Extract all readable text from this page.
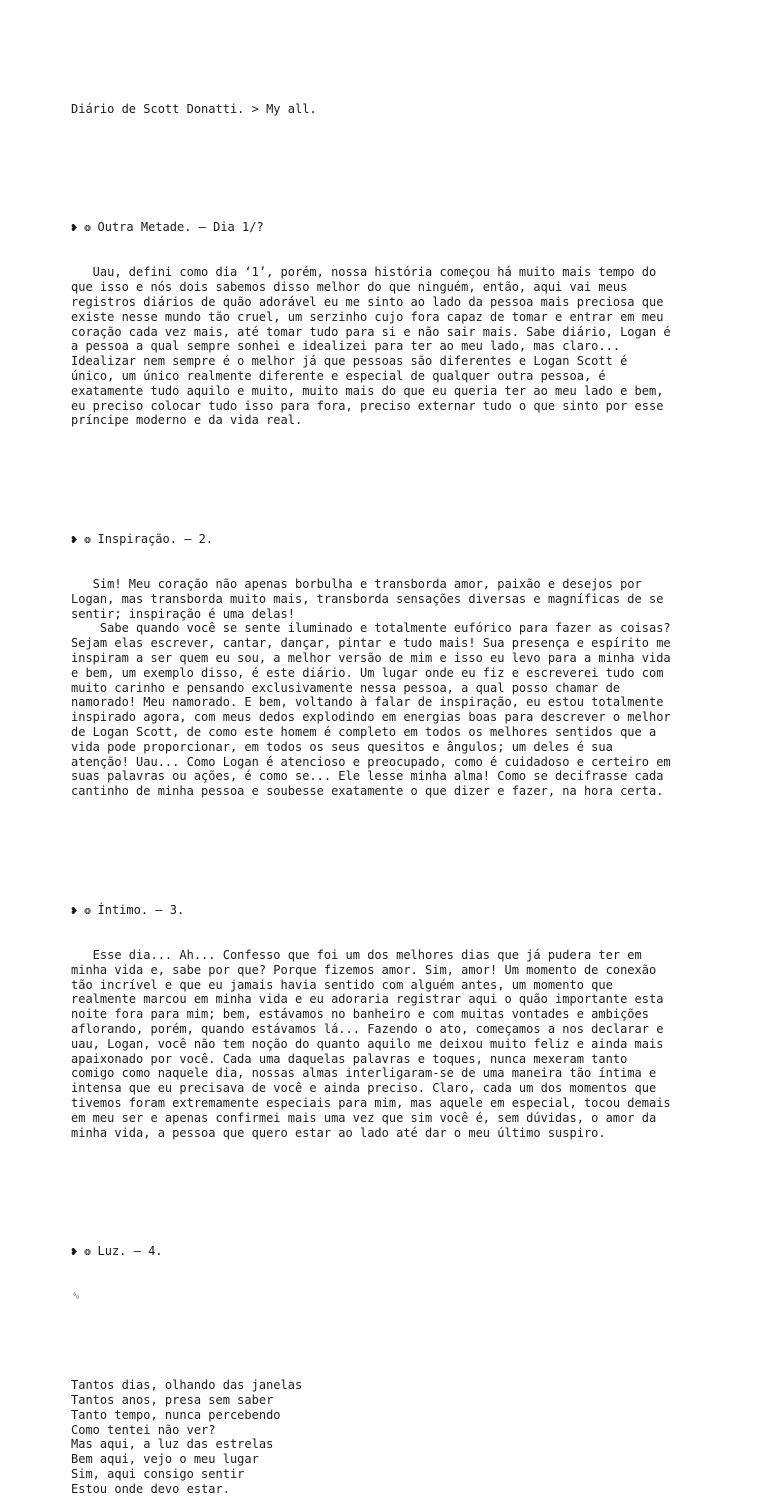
Diário de Scott Donatti. > My all.

❥ ❂ Outra Metade. — Dia 1/?

Uau, defini como dia ‘1’, porém, nossa história começou há muito mais tempo do
que isso e nós dois sabemos disso melhor do que ninguém, então, aqui vai meus
registros diários de quão adorável eu me sinto ao lado da pessoa mais preciosa que
existe nesse mundo tão cruel, um serzinho cujo fora capaz de tomar e entrar em meu
coração cada vez mais, até tomar tudo para si e não sair mais. Sabe diário, Logan é
a pessoa a qual sempre sonhei e idealizei para ter ao meu lado, mas claro...
Idealizar nem sempre é o melhor já que pessoas são diferentes e Logan Scott é
único, um único realmente diferente e especial de qualquer outra pessoa, é
exatamente tudo aquilo e muito, muito mais do que eu queria ter ao meu lado e bem,
eu preciso colocar tudo isso para fora, preciso externar tudo o que sinto por esse
príncipe moderno e da vida real.

❥ ❂ Inspiração. — 2.

Sim! Meu coração não apenas borbulha e transborda amor, paixão e desejos por
Logan, mas transborda muito mais, transborda sensações diversas e magníficas de se
sentir; inspiração é uma delas!
Sabe quando você se sente iluminado e totalmente eufórico para fazer as coisas?
Sejam elas escrever, cantar, dançar, pintar e tudo mais! Sua presença e espírito me
inspiram a ser quem eu sou, a melhor versão de mim e isso eu levo para a minha vida
e bem, um exemplo disso, é este diário. Um lugar onde eu fiz e escreverei tudo com
muito carinho e pensando exclusivamente nessa pessoa, a qual posso chamar de
namorado! Meu namorado. E bem, voltando à falar de inspiração, eu estou totalmente
inspirado agora, com meus dedos explodindo em energias boas para descrever o melhor
de Logan Scott, de como este homem é completo em todos os melhores sentidos que a
vida pode proporcionar, em todos os seus quesitos e ângulos; um deles é sua
atenção! Uau... Como Logan é atencioso e preocupado, como é cuidadoso e certeiro em
suas palavras ou ações, é como se... Ele lesse minha alma! Como se decifrasse cada
cantinho de minha pessoa e soubesse exatamente o que dizer e fazer, na hora certa.

❥ ❂ Íntimo. — 3.

Esse dia... Ah... Confesso que foi um dos melhores dias que já pudera ter em
minha vida e, sabe por que? Porque fizemos amor. Sim, amor! Um momento de conexão
tão incrível e que eu jamais havia sentido com alguém antes, um momento que
realmente marcou em minha vida e eu adoraria registrar aqui o quão importante esta
noite fora para mim; bem, estávamos no banheiro e com muitas vontades e ambições
aflorando, porém, quando estávamos lá... Fazendo o ato, começamos a nos declarar e
uau, Logan, você não tem noção do quanto aquilo me deixou muito feliz e ainda mais
apaixonado por você. Cada uma daquelas palavras e toques, nunca mexeram tanto
comigo como naquele dia, nossas almas interligaram-se de uma maneira tão íntima e
intensa que eu precisava de você e ainda preciso. Claro, cada um dos momentos que
tivemos foram extremamente especiais para mim, mas aquele em especial, tocou demais
em meu ser e apenas confirmei mais uma vez que sim você é, sem dúvidas, o amor da
minha vida, a pessoa que quero estar ao lado até dar o meu último suspiro.

❥ ❂ Luz. — 4.

␎

Tantos dias, olhando das janelas
Tantos anos, presa sem saber
Tanto tempo, nunca percebendo
Como tentei não ver?
Mas aqui, a luz das estrelas
Bem aqui, vejo o meu lugar
Sim, aqui consigo sentir
Estou onde devo estar.
